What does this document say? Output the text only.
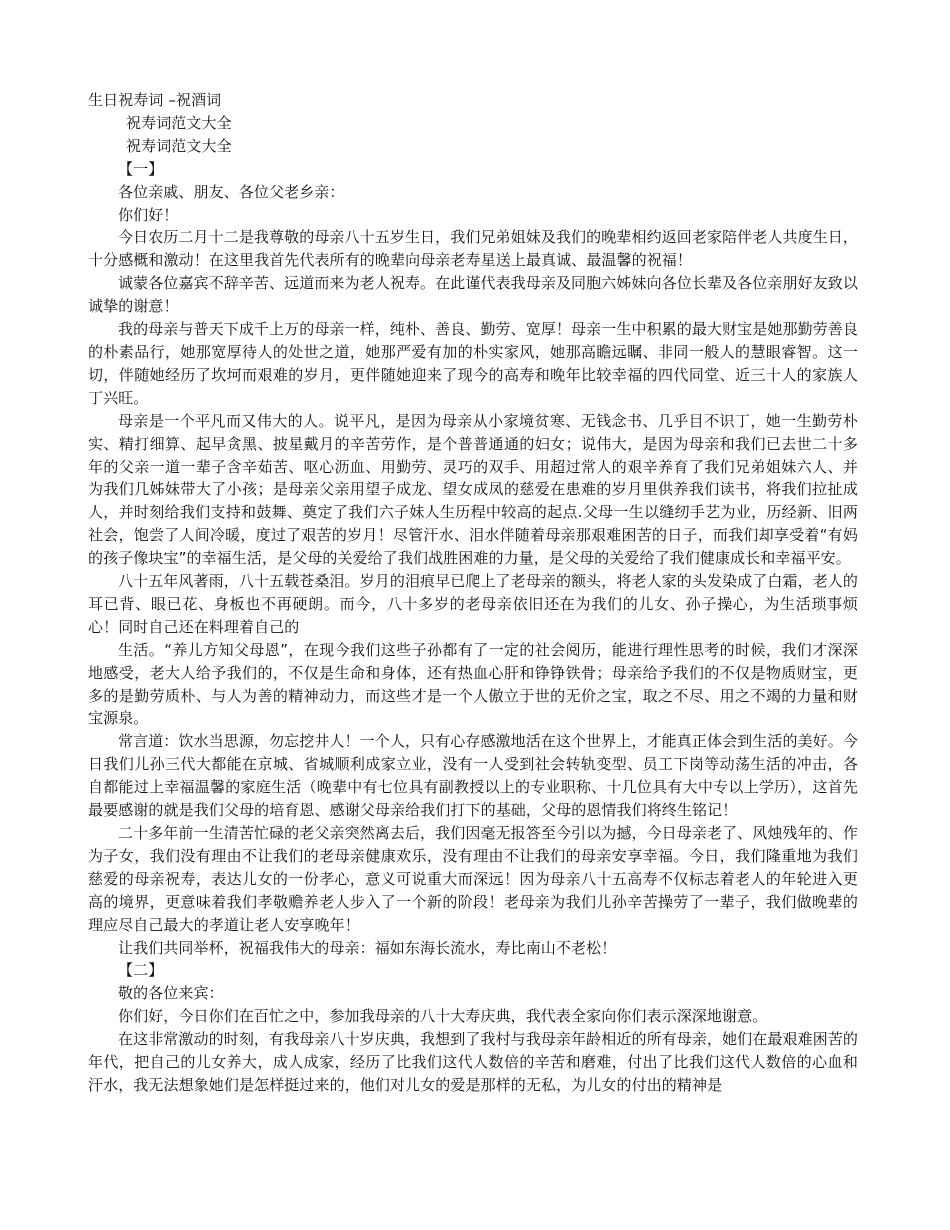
生日祝寿词 –祝酒词

祝寿词范文大全

祝寿词范文大全

【一】

各位亲戚、朋友、各位父老乡亲：

你们好！

今日农历二月十二是我尊敬的母亲八十五岁生日，我们兄弟姐妹及我们的晚辈相约返回老家陪伴老人共度生日，十分感概和激动！在这里我首先代表所有的晚辈向母亲老寿星送上最真诚、最温馨的祝福！

诚蒙各位嘉宾不辞辛苦、远道而来为老人祝寿。在此谨代表我母亲及同胞六姊妹向各位长辈及各位亲朋好友致以诚挚的谢意！

我的母亲与普天下成千上万的母亲一样，纯朴、善良、勤劳、宽厚！母亲一生中积累的最大财宝是她那勤劳善良的朴素品行，她那宽厚待人的处世之道，她那严爱有加的朴实家风，她那高瞻远瞩、非同一般人的慧眼睿智。这一切，伴随她经历了坎坷而艰难的岁月，更伴随她迎来了现今的高寿和晚年比较幸福的四代同堂、近三十人的家族人丁兴旺。

母亲是一个平凡而又伟大的人。说平凡，是因为母亲从小家境贫寒、无钱念书、几乎目不识丁，她一生勤劳朴实、精打细算、起早贪黑、披星戴月的辛苦劳作，是个普普通通的妇女；说伟大，是因为母亲和我们已去世二十多年的父亲一道一辈子含辛茹苦、呕心沥血、用勤劳、灵巧的双手、用超过常人的艰辛养育了我们兄弟姐妹六人、并为我们几姊妹带大了小孩；是母亲父亲用望子成龙、望女成凤的慈爱在患难的岁月里供养我们读书，将我们拉扯成人，并时刻给我们支持和鼓舞、奠定了我们六子妹人生历程中较高的起点.父母一生以缝纫手艺为业，历经新、旧两社会，饱尝了人间冷暖，度过了艰苦的岁月！尽管汗水、泪水伴随着母亲那艰难困苦的日子，而我们却享受着“有妈的孩子像块宝”的幸福生活，是父母的关爱给了我们战胜困难的力量，是父母的关爱给了我们健康成长和幸福平安。

八十五年风著雨，八十五载苍桑泪。岁月的泪痕早已爬上了老母亲的额头，将老人家的头发染成了白霜，老人的耳已背、眼已花、身板也不再硬朗。而今，八十多岁的老母亲依旧还在为我们的儿女、孙子操心，为生活琐事烦心！同时自己还在料理着自己的

生活。“养儿方知父母恩”，在现今我们这些子孙都有了一定的社会阅历，能进行理性思考的时候，我们才深深地感受，老大人给予我们的，不仅是生命和身体，还有热血心肝和铮铮铁骨；母亲给予我们的不仅是物质财宝，更多的是勤劳质朴、与人为善的精神动力，而这些才是一个人傲立于世的无价之宝，取之不尽、用之不竭的力量和财宝源泉。

常言道：饮水当思源，勿忘挖井人！一个人，只有心存感激地活在这个世界上，才能真正体会到生活的美好。今日我们儿孙三代大都能在京城、省城顺利成家立业，没有一人受到社会转轨变型、员工下岗等动荡生活的冲击，各自都能过上幸福温馨的家庭生活（晚辈中有七位具有副教授以上的专业职称、十几位具有大中专以上学历），这首先最要感谢的就是我们父母的培育恩、感谢父母亲给我们打下的基础，父母的恩情我们将终生铭记！

二十多年前一生清苦忙碌的老父亲突然离去后，我们因毫无报答至今引以为撼，今日母亲老了、风烛残年的、作为子女，我们没有理由不让我们的老母亲健康欢乐，没有理由不让我们的母亲安享幸福。今日，我们隆重地为我们慈爱的母亲祝寿，表达儿女的一份孝心，意义可说重大而深远！因为母亲八十五高寿不仅标志着老人的年轮进入更高的境界，更意味着我们孝敬赡养老人步入了一个新的阶段！老母亲为我们儿孙辛苦操劳了一辈子，我们做晚辈的理应尽自己最大的孝道让老人安享晚年！

让我们共同举杯，祝福我伟大的母亲：福如东海长流水，寿比南山不老松！

【二】

敬的各位来宾：

你们好，今日你们在百忙之中，参加我母亲的八十大寿庆典，我代表全家向你们表示深深地谢意。

在这非常激动的时刻，有我母亲八十岁庆典，我想到了我村与我母亲年龄相近的所有母亲，她们在最艰难困苦的年代，把自己的儿女养大，成人成家，经历了比我们这代人数倍的辛苦和磨难，付出了比我们这代人数倍的心血和汗水，我无法想象她们是怎样挺过来的，他们对儿女的爱是那样的无私，为儿女的付出的精神是
